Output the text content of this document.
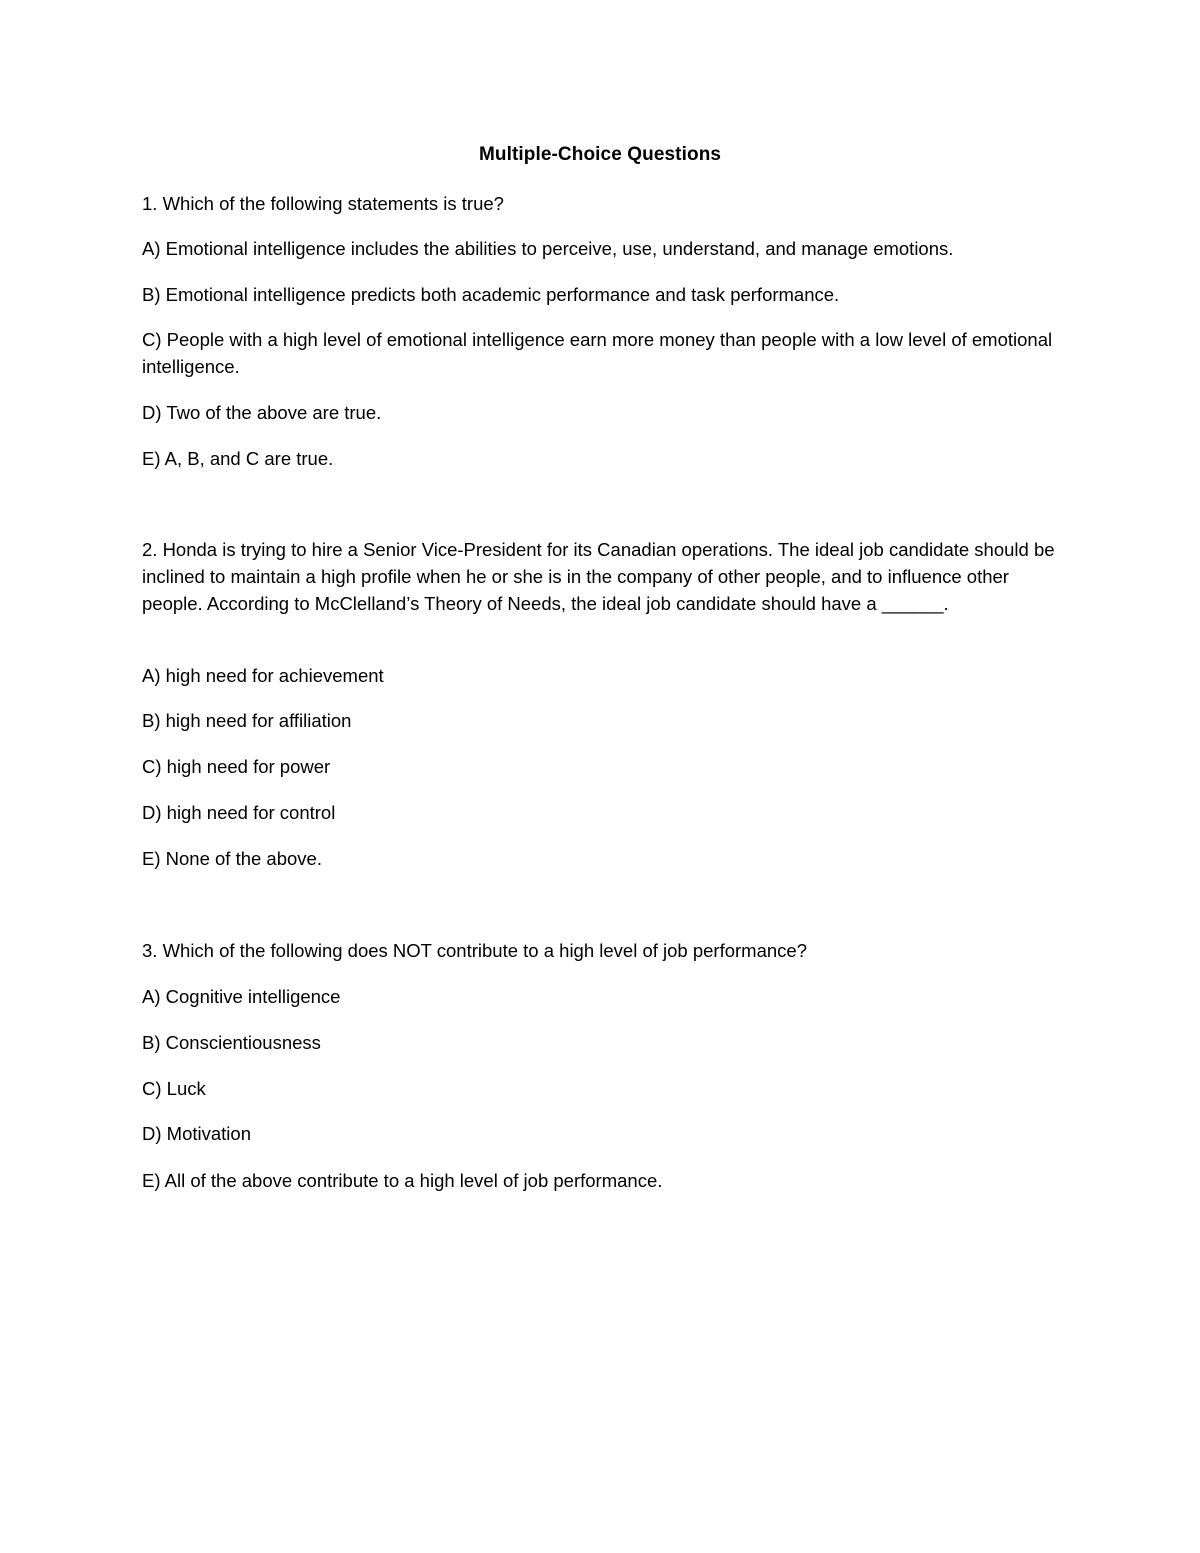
Multiple-Choice Questions
1. Which of the following statements is true?
A) Emotional intelligence includes the abilities to perceive, use, understand, and manage emotions.
B) Emotional intelligence predicts both academic performance and task performance.
C) People with a high level of emotional intelligence earn more money than people with a low level of emotional intelligence.
D) Two of the above are true.
E) A, B, and C are true.
2. Honda is trying to hire a Senior Vice-President for its Canadian operations. The ideal job candidate should be inclined to maintain a high profile when he or she is in the company of other people, and to influence other people. According to McClelland’s Theory of Needs, the ideal job candidate should have a ______.
A) high need for achievement
B) high need for affiliation
C) high need for power
D) high need for control
E) None of the above.
3. Which of the following does NOT contribute to a high level of job performance?
A) Cognitive intelligence
B) Conscientiousness
C) Luck
D) Motivation
E) All of the above contribute to a high level of job performance.
